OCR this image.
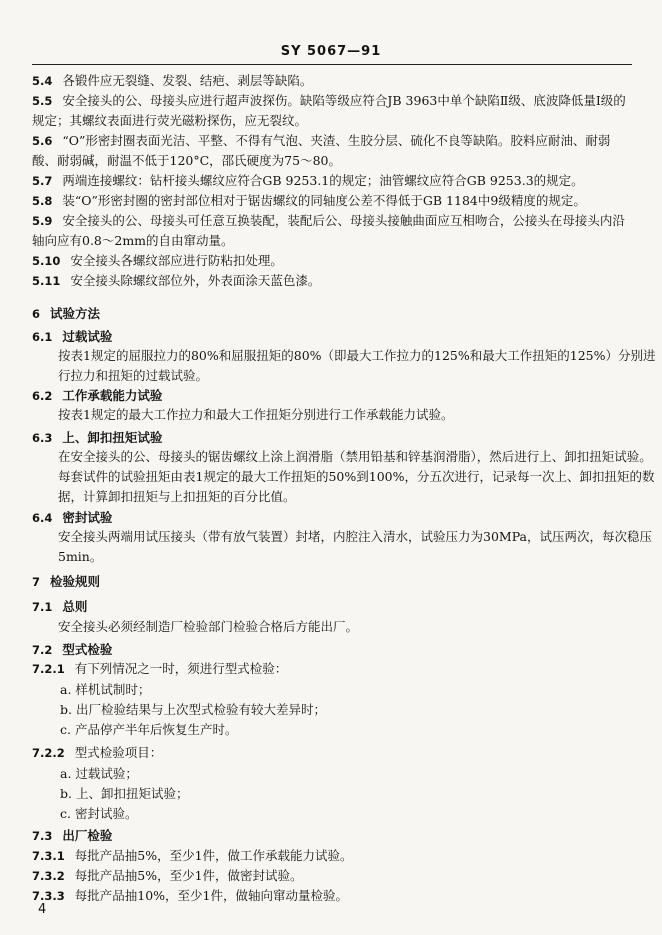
SY 5067—91
5.4 各锻件应无裂缝、发裂、结疤、剥层等缺陷。
5.5 安全接头的公、母接头应进行超声波探伤。缺陷等级应符合JB 3963中单个缺陷Ⅱ级、底波降低量Ⅰ级的规定；其螺纹表面进行荧光磁粉探伤，应无裂纹。
5.6 “O”形密封圈表面光洁、平整、不得有气泡、夹渣、生胶分层、硫化不良等缺陷。胶料应耐油、耐弱酸、耐弱碱，耐温不低于120°C，邵氏硬度为75～80。
5.7 两端连接螺纹：钻杆接头螺纹应符合GB 9253.1的规定；油管螺纹应符合GB 9253.3的规定。
5.8 装“O”形密封圈的密封部位相对于锯齿螺纹的同轴度公差不得低于GB 1184中9级精度的规定。
5.9 安全接头的公、母接头可任意互换装配，装配后公、母接头接触曲面应互相吻合，公接头在母接头内沿轴向应有0.8～2mm的自由窜动量。
5.10 安全接头各螺纹部应进行防粘扣处理。
5.11 安全接头除螺纹部位外，外表面涂天蓝色漆。
6 试验方法
6.1 过载试验
按表1规定的屈服拉力的80%和屈服扭矩的80%（即最大工作拉力的125%和最大工作扭矩的125%）分别进行拉力和扭矩的过载试验。
6.2 工作承载能力试验
按表1规定的最大工作拉力和最大工作扭矩分别进行工作承载能力试验。
6.3 上、卸扣扭矩试验
在安全接头的公、母接头的锯齿螺纹上涂上润滑脂（禁用铅基和锌基润滑脂），然后进行上、卸扣扭矩试验。每套试件的试验扭矩由表1规定的最大工作扭矩的50%到100%，分五次进行，记录每一次上、卸扣扭矩的数据，计算卸扣扭矩与上扣扭矩的百分比值。
6.4 密封试验
安全接头两端用试压接头（带有放气装置）封堵，内腔注入清水，试验压力为30MPa，试压两次，每次稳压5min。
7 检验规则
7.1 总则
安全接头必须经制造厂检验部门检验合格后方能出厂。
7.2 型式检验
7.2.1 有下列情况之一时，须进行型式检验：
a. 样机试制时；
b. 出厂检验结果与上次型式检验有较大差异时；
c. 产品停产半年后恢复生产时。
7.2.2 型式检验项目：
a. 过载试验；
b. 上、卸扣扭矩试验；
c. 密封试验。
7.3 出厂检验
7.3.1 每批产品抽5%，至少1件，做工作承载能力试验。
7.3.2 每批产品抽5%，至少1件，做密封试验。
7.3.3 每批产品抽10%，至少1件，做轴向窜动量检验。
4
